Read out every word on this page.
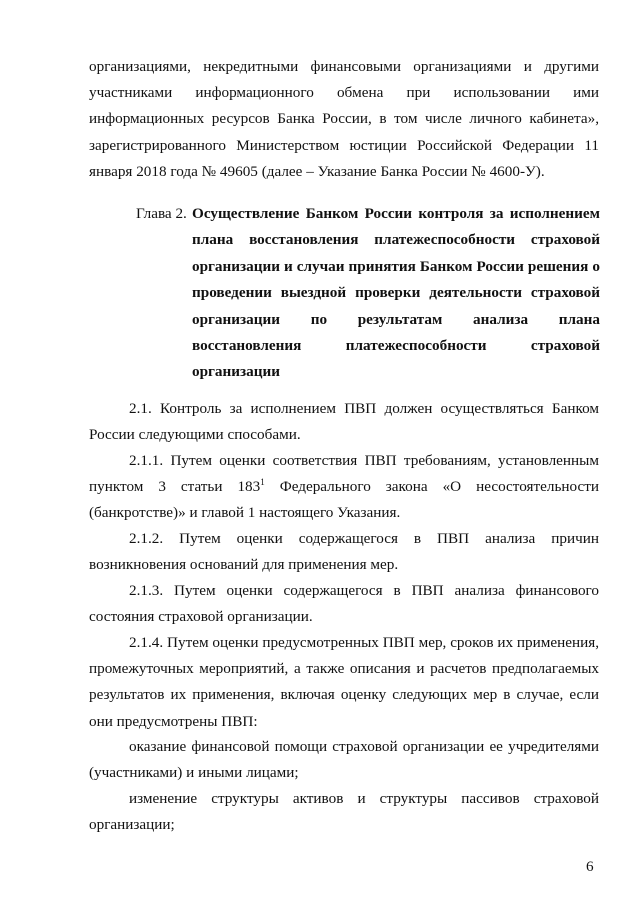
организациями, некредитными финансовыми организациями и другими участниками информационного обмена при использовании ими информационных ресурсов Банка России, в том числе личного кабинета», зарегистрированного Министерством юстиции Российской Федерации 11 января 2018 года № 49605 (далее – Указание Банка России № 4600-У).

Глава 2. Осуществление Банком России контроля за исполнением плана восстановления платежеспособности страховой организации и случаи принятия Банком России решения о проведении выездной проверки деятельности страховой организации по результатам анализа плана восстановления платежеспособности страховой организации

2.1. Контроль за исполнением ПВП должен осуществляться Банком России следующими способами.

2.1.1. Путем оценки соответствия ПВП требованиям, установленным пунктом 3 статьи $183^1$ Федерального закона «О несостоятельности (банкротстве)» и главой 1 настоящего Указания.

2.1.2. Путем оценки содержащегося в ПВП анализа причин возникновения оснований для применения мер.

2.1.3. Путем оценки содержащегося в ПВП анализа финансового состояния страховой организации.

2.1.4. Путем оценки предусмотренных ПВП мер, сроков их применения, промежуточных мероприятий, а также описания и расчетов предполагаемых результатов их применения, включая оценку следующих мер в случае, если они предусмотрены ПВП:

оказание финансовой помощи страховой организации ее учредителями (участниками) и иными лицами;

изменение структуры активов и структуры пассивов страховой организации;

6
